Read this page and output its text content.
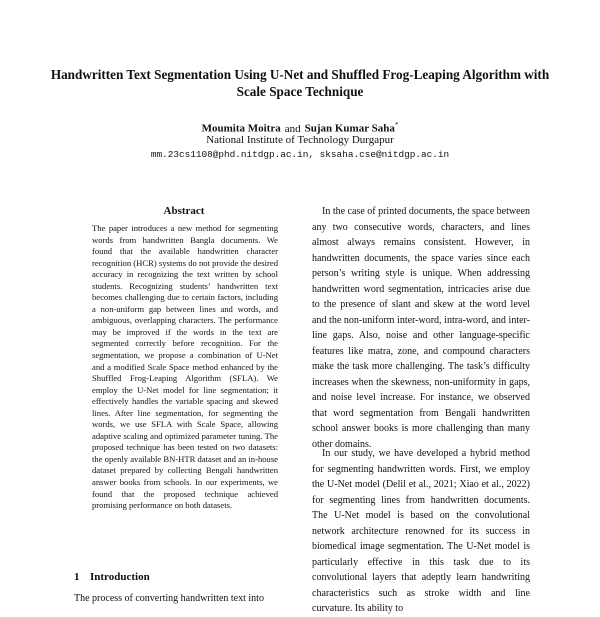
Handwritten Text Segmentation Using U-Net and Shuffled Frog-Leaping Algorithm with Scale Space Technique
Moumita Moitra and Sujan Kumar Saha*
National Institute of Technology Durgapur
mm.23cs1108@phd.nitdgp.ac.in, sksaha.cse@nitdgp.ac.in
Abstract

The paper introduces a new method for segmenting words from handwritten Bangla documents. We found that the available handwritten character recognition (HCR) systems do not provide the desired accuracy in recognizing the text written by school students. Recognizing students’ handwritten text becomes challenging due to certain factors, including a non-uniform gap between lines and words, and ambiguous, overlapping characters. The performance may be improved if the words in the text are segmented correctly before recognition. For the segmentation, we propose a combination of U-Net and a modified Scale Space method enhanced by the Shuffled Frog-Leaping Algorithm (SFLA). We employ the U-Net model for line segmentation; it effectively handles the variable spacing and skewed lines. After line segmentation, for segmenting the words, we use SFLA with Scale Space, allowing adaptive scaling and optimized parameter tuning. The proposed technique has been tested on two datasets: the openly available BN-HTR dataset and an in-house dataset prepared by collecting Bengali handwritten answer books from schools. In our experiments, we found that the proposed technique achieved promising performance on both datasets.

1 Introduction
The process of converting handwritten text into

In the case of printed documents, the space between any two consecutive words, characters, and lines almost always remains consistent. However, in handwritten documents, the space varies since each person’s writing style is unique. When addressing handwritten word segmentation, intricacies arise due to the presence of slant and skew at the word level and the non-uniform inter-word, intra-word, and inter-line gaps. Also, noise and other language-specific features like matra, zone, and compound characters make the task more challenging. The task’s difficulty increases when the skewness, non-uniformity in gaps, and noise level increase. For instance, we observed that word segmentation from Bengali handwritten school answer books is more challenging than many other domains.

In our study, we have developed a hybrid method for segmenting handwritten words. First, we employ the U-Net model (Delil et al., 2021; Xiao et al., 2022) for segmenting lines from handwritten documents. The U-Net model is based on the convolutional network architecture renowned for its success in biomedical image segmentation. The U-Net model is particularly effective in this task due to its convolutional layers that adeptly learn handwriting characteristics such as stroke width and line curvature. Its ability to
